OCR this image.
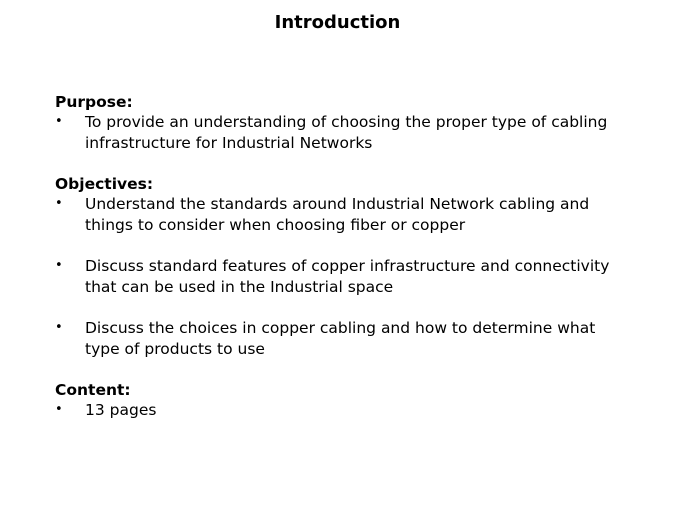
Introduction
Purpose:
• To provide an understanding of choosing the proper type of cabling infrastructure for Industrial Networks
Objectives:
• Understand the standards around Industrial Network cabling and things to consider when choosing fiber or copper
• Discuss standard features of copper infrastructure and connectivity that can be used in the Industrial space
• Discuss the choices in copper cabling and how to determine what type of products to use
Content:
• 13 pages
